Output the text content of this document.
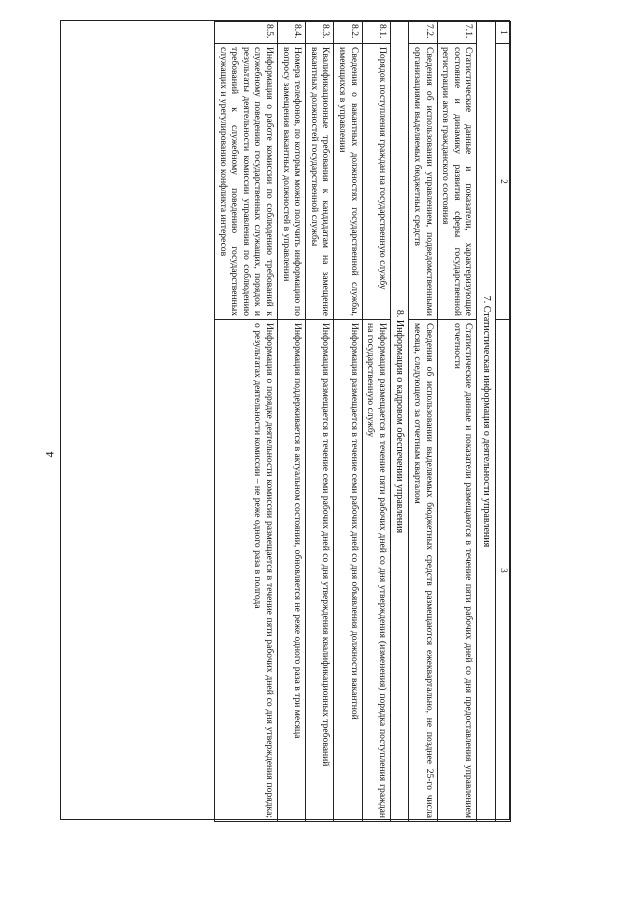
4
1	2	3
7. Статистическая информация о деятельности управления		
7.1.	Статистические данные и показатели, характеризующие состояние и динамику развития сферы государственной регистрации актов гражданского состояния	Статистические данные и показатели размещаются в течение пяти рабочих дней со дня предоставления управлением отчетности
7.2.	Сведения об использовании управлением, подведомственными организациями выделяемых бюджетных средств	Сведения об использовании выделяемых бюджетных средств размещаются ежеквартально, не позднее 25-го числа месяца, следующего за отчетным кварталом
8. Информация о кадровом обеспечении управления		
8.1.	Порядок поступления граждан на государственную службу	Информация размещается в течение пяти рабочих дней со дня утверждения (изменения) порядка поступления граждан на государственную службу
8.2.	Сведения о вакантных должностях государственной службы, имеющихся в управлении	Информация размещается в течение семи рабочих дней со дня объявления должности вакантной
8.3.	Квалификационные требования к кандидатам на замещение вакантных должностей государственной службы	Информация размещается в течение семи рабочих дней со дня утверждения квалификационных требований
8.4.	Номера телефонов, по которым можно получить информацию по вопросу замещения вакантных должностей в управлении	Информация поддерживается в актуальном состоянии, обновляется не реже одного раза в три месяца
8.5.	Информация о работе комиссии по соблюдению требований к служебному поведению государственных служащих, порядок и результаты деятельности комиссии управления по соблюдению требований к служебному поведению государственных служащих и урегулированию конфликта интересов	Информация о порядке деятельности комиссии размещается в течение пяти рабочих дней со дня утверждения порядка; о результатах деятельности комиссии – не реже одного раза в полгода
